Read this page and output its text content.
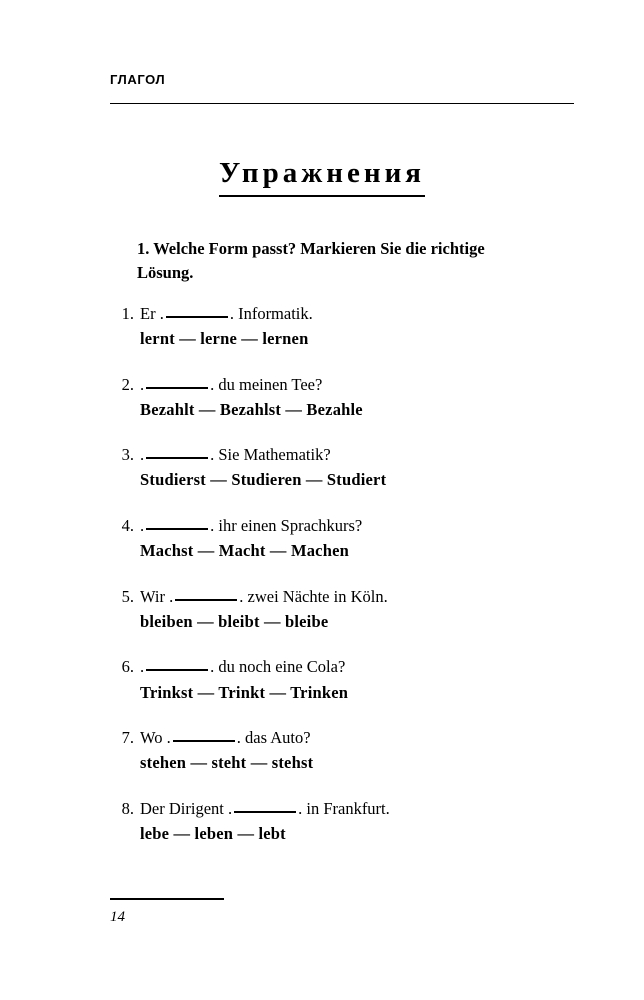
ГЛАГОЛ
Упражнения
1. Welche Form passt? Markieren Sie die richtige
Lösung.
1. Er .	. Informatik.
lernt — lerne — lernen
2. .	. du meinen Tee?
Bezahlt — Bezahlst — Bezahle
3. .	. Sie Mathematik?
Studierst — Studieren — Studiert
4. .	. ihr einen Sprachkurs?
Machst — Macht — Machen
5. Wir .	. zwei Nächte in Köln.
bleiben — bleibt — bleibe
6. .	. du noch eine Cola?
Trinkst — Trinkt — Trinken
7. Wo .	. das Auto?
stehen — steht — stehst
8. Der Dirigent .	. in Frankfurt.
lebe — leben — lebt
14
